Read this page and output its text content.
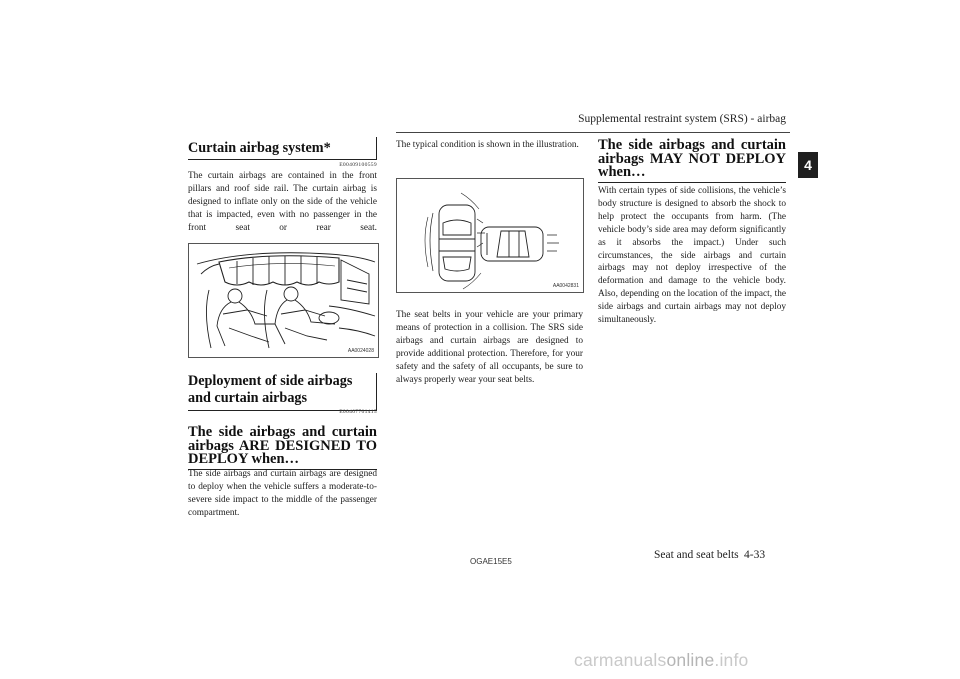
Supplemental restraint system (SRS) - airbag
4
Curtain airbag system*
E00409100559
The curtain airbags are contained in the front pillars and roof side rail. The curtain airbag is designed to inflate only on the side of the vehicle that is impacted, even with no passenger in the front seat or rear seat.
AA0024028
Deployment of side airbags and curtain airbags
E00407701415
The side airbags and curtain airbags ARE DESIGNED TO DEPLOY when…
The side airbags and curtain airbags are designed to deploy when the vehicle suffers a moderate-to-severe side impact to the middle of the passenger compartment.
The typical condition is shown in the illustration.
AA0042831
The seat belts in your vehicle are your primary means of protection in a collision. The SRS side airbags and curtain airbags are designed to provide additional protection. Therefore, for your safety and the safety of all occupants, be sure to always properly wear your seat belts.
The side airbags and curtain airbags MAY NOT DEPLOY when…
With certain types of side collisions, the vehicle’s body structure is designed to absorb the shock to help protect the occupants from harm. (The vehicle body’s side area may deform significantly as it absorbs the impact.) Under such circumstances, the side airbags and curtain airbags may not deploy irrespective of the deformation and damage to the vehicle body. Also, depending on the location of the impact, the side airbags and curtain airbags may not deploy simultaneously.
OGAE15E5
Seat and seat belts 4-33
carmanualsonline.info
